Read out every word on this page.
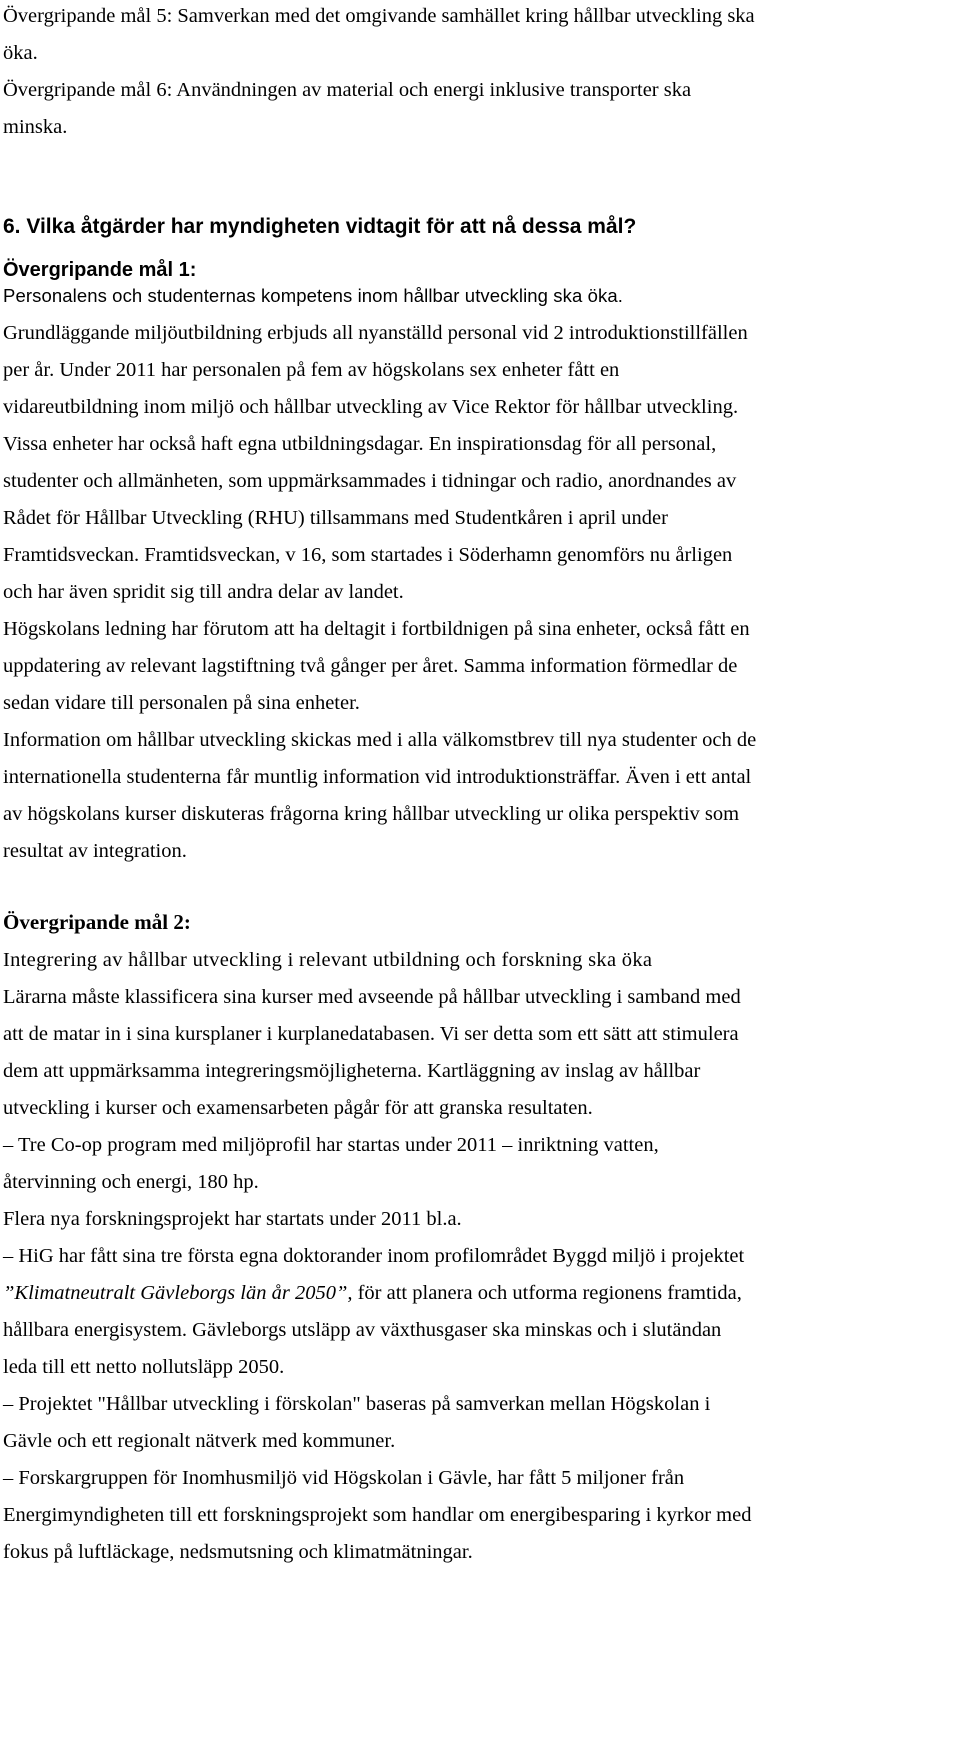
Övergripande mål 5: Samverkan med det omgivande samhället kring hållbar utveckling ska
öka.
Övergripande mål 6: Användningen av material och energi inklusive transporter ska
minska.
6. Vilka åtgärder har myndigheten vidtagit för att nå dessa mål?
Övergripande mål 1:
Personalens och studenternas kompetens inom hållbar utveckling ska öka.
Grundläggande miljöutbildning erbjuds all nyanställd personal vid 2 introduktionstillfällen
per år. Under 2011 har personalen på fem av högskolans sex enheter fått en
vidareutbildning inom miljö och hållbar utveckling av Vice Rektor för hållbar utveckling.
Vissa enheter har också haft egna utbildningsdagar. En inspirationsdag för all personal,
studenter och allmänheten, som uppmärksammades i tidningar och radio, anordnandes av
Rådet för Hållbar Utveckling (RHU) tillsammans med Studentkåren i april under
Framtidsveckan. Framtidsveckan, v 16, som startades i Söderhamn genomförs nu årligen
och har även spridit sig till andra delar av landet.
Högskolans ledning har förutom att ha deltagit i fortbildnigen på sina enheter, också fått en
uppdatering av relevant lagstiftning två gånger per året. Samma information förmedlar de
sedan vidare till personalen på sina enheter.
Information om hållbar utveckling skickas med i alla välkomstbrev till nya studenter och de
internationella studenterna får muntlig information vid introduktionsträffar. Även i ett antal
av högskolans kurser diskuteras frågorna kring hållbar utveckling ur olika perspektiv som
resultat av integration.
Övergripande mål 2:
Integrering av hållbar utveckling i relevant utbildning och forskning ska öka
Lärarna måste klassificera sina kurser med avseende på hållbar utveckling i samband med
att de matar in i sina kursplaner i kurplanedatabasen. Vi ser detta som ett sätt att stimulera
dem att uppmärksamma integreringsmöjligheterna. Kartläggning av inslag av hållbar
utveckling i kurser och examensarbeten pågår för att granska resultaten.
– Tre Co-op program med miljöprofil har startas under 2011 – inriktning vatten,
återvinning och energi, 180 hp.
Flera nya forskningsprojekt har startats under 2011 bl.a.
– HiG har fått sina tre första egna doktorander inom profilområdet Byggd miljö i projektet
”Klimatneutralt Gävleborgs län år 2050”, för att planera och utforma regionens framtida,
hållbara energisystem. Gävleborgs utsläpp av växthusgaser ska minskas och i slutändan
leda till ett netto nollutsläpp 2050.
– Projektet "Hållbar utveckling i förskolan" baseras på samverkan mellan Högskolan i
Gävle och ett regionalt nätverk med kommuner.
– Forskargruppen för Inomhusmiljö vid Högskolan i Gävle, har fått 5 miljoner från
Energimyndigheten till ett forskningsprojekt som handlar om energibesparing i kyrkor med
fokus på luftläckage, nedsmutsning och klimatmätningar.
